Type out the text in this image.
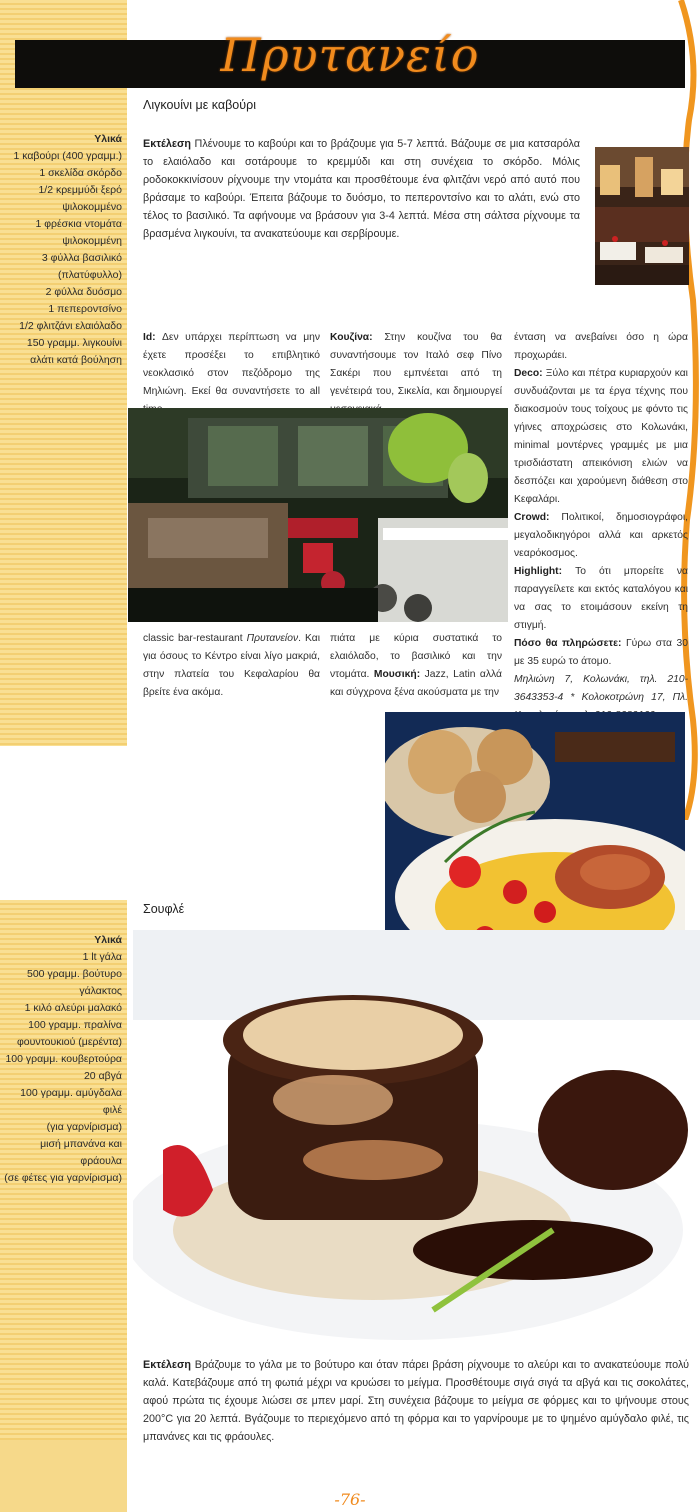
Πρυτανείο
Λιγκουίνι με καβούρι
Υλικά
1 καβούρι (400 γραμμ.)
1 σκελίδα σκόρδο
1/2 κρεμμύδι ξερό
ψιλοκομμένο
1 φρέσκια ντομάτα
ψιλοκομμένη
3 φύλλα βασιλικό
(πλατύφυλλο)
2 φύλλα δυόσμο
1 πεπεροντσίνο
1/2 φλιτζάνι ελαιόλαδο
150 γραμμ. λιγκουίνι
αλάτι κατά βούληση
Εκτέλεση Πλένουμε το καβούρι και το βράζουμε για 5-7 λεπτά. Βάζουμε σε μια κατσαρόλα το ελαιόλαδο και σοτάρουμε το κρεμμύδι και στη συνέχεια το σκόρδο. Μόλις ροδοκοκκινίσουν ρίχνουμε την ντομάτα και προσθέτουμε ένα φλιτζάνι νερό από αυτό που βράσαμε το καβούρι. Έπειτα βάζουμε το δυόσμο, το πεπεροντσίνο και το αλάτι, ενώ στο τέλος το βασιλικό. Τα αφήνουμε να βράσουν για 3-4 λεπτά. Μέσα στη σάλτσα ρίχνουμε τα βρασμένα λιγκουίνι, τα ανακατεύουμε και σερβίρουμε.
Id: Δεν υπάρχει περίπτωση να μην έχετε προσέξει το επιβλητικό νεοκλασικό στον πεζόδρομο της Μηλιώνη. Εκεί θα συναντήσετε το all
Κουζίνα: Στην κουζίνα του θα συναντήσουμε τον Ιταλό σεφ Πίνο Σακέρι που εμπνέεται από τη γενέτειρά του, Σικελία, και δημιουργεί
ένταση να ανεβαίνει όσο η ώρα προχωράει.
Deco: Ξύλο και πέτρα κυριαρχούν και συνδυάζονται με τα έργα τέχνης που διακοσμούν τους τοίχους με φόντο τις γήινες αποχρώσεις στο Κολωνάκι, minimal μοντέρνες γραμμές με μια τρισδιάστατη απεικόνιση ελιών να δεσπόζει και χαρούμενη διάθεση στο Κεφαλάρι.
Crowd: Πολιτικοί, δημοσιογράφοι, μεγαλοδικηγόροι αλλά και αρκετός νεαρόκοσμος.
Highlight: Το ότι μπορείτε να παραγγείλετε και εκτός καταλόγου και να σας το ετοιμάσουν εκείνη τη στιγμή.
Πόσο θα πληρώσετε: Γύρω στα 30 με 35 ευρώ το άτομο.
Μηλιώνη 7, Κολωνάκι, τηλ. 210-3643353-4 * Κολοκοτρώνη 17, Πλ.
classic bar-restaurant Πρυτανείον. Και για όσους το Κέντρο είναι λίγο μακριά, στην πλατεία του Κεφαλαρίου θα βρείτε ένα ακόμα.
πιάτα με κύρια συστατικά το ελαιόλαδο, το βασιλικό και την ντομάτα. Μουσική: Jazz, Latin αλλά και σύγχρονα ξένα ακούσματα με την
Σουφλέ
Υλικά
1 lt γάλα
500 γραμμ. βούτυρο
γάλακτος
1 κιλό αλεύρι μαλακό
100 γραμμ. πραλίνα
φουντουκιού (μερέντα)
100 γραμμ. κουβερτούρα
20 αβγά
100 γραμμ. αμύγδαλα φιλέ
(για γαρνίρισμα)
μισή μπανάνα και φράουλα
(σε φέτες για γαρνίρισμα)
Εκτέλεση Βράζουμε το γάλα με το βούτυρο και όταν πάρει βράση ρίχνουμε το αλεύρι και το ανακατεύουμε πολύ καλά. Κατεβάζουμε από τη φωτιά μέχρι να κρυώσει το μείγμα. Προσθέτουμε σιγά σιγά τα αβγά και τις σοκολάτες, αφού πρώτα τις έχουμε λιώσει σε μπεν μαρί. Στη συνέχεια βάζουμε το μείγμα σε φόρμες και το ψήνουμε στους 200°C για 20 λεπτά. Βγάζουμε το περιεχόμενο από τη φόρμα και το γαρνίρουμε με το ψημένο αμύγδαλο φιλέ, τις μπανάνες και τις φράουλες.
-76-
